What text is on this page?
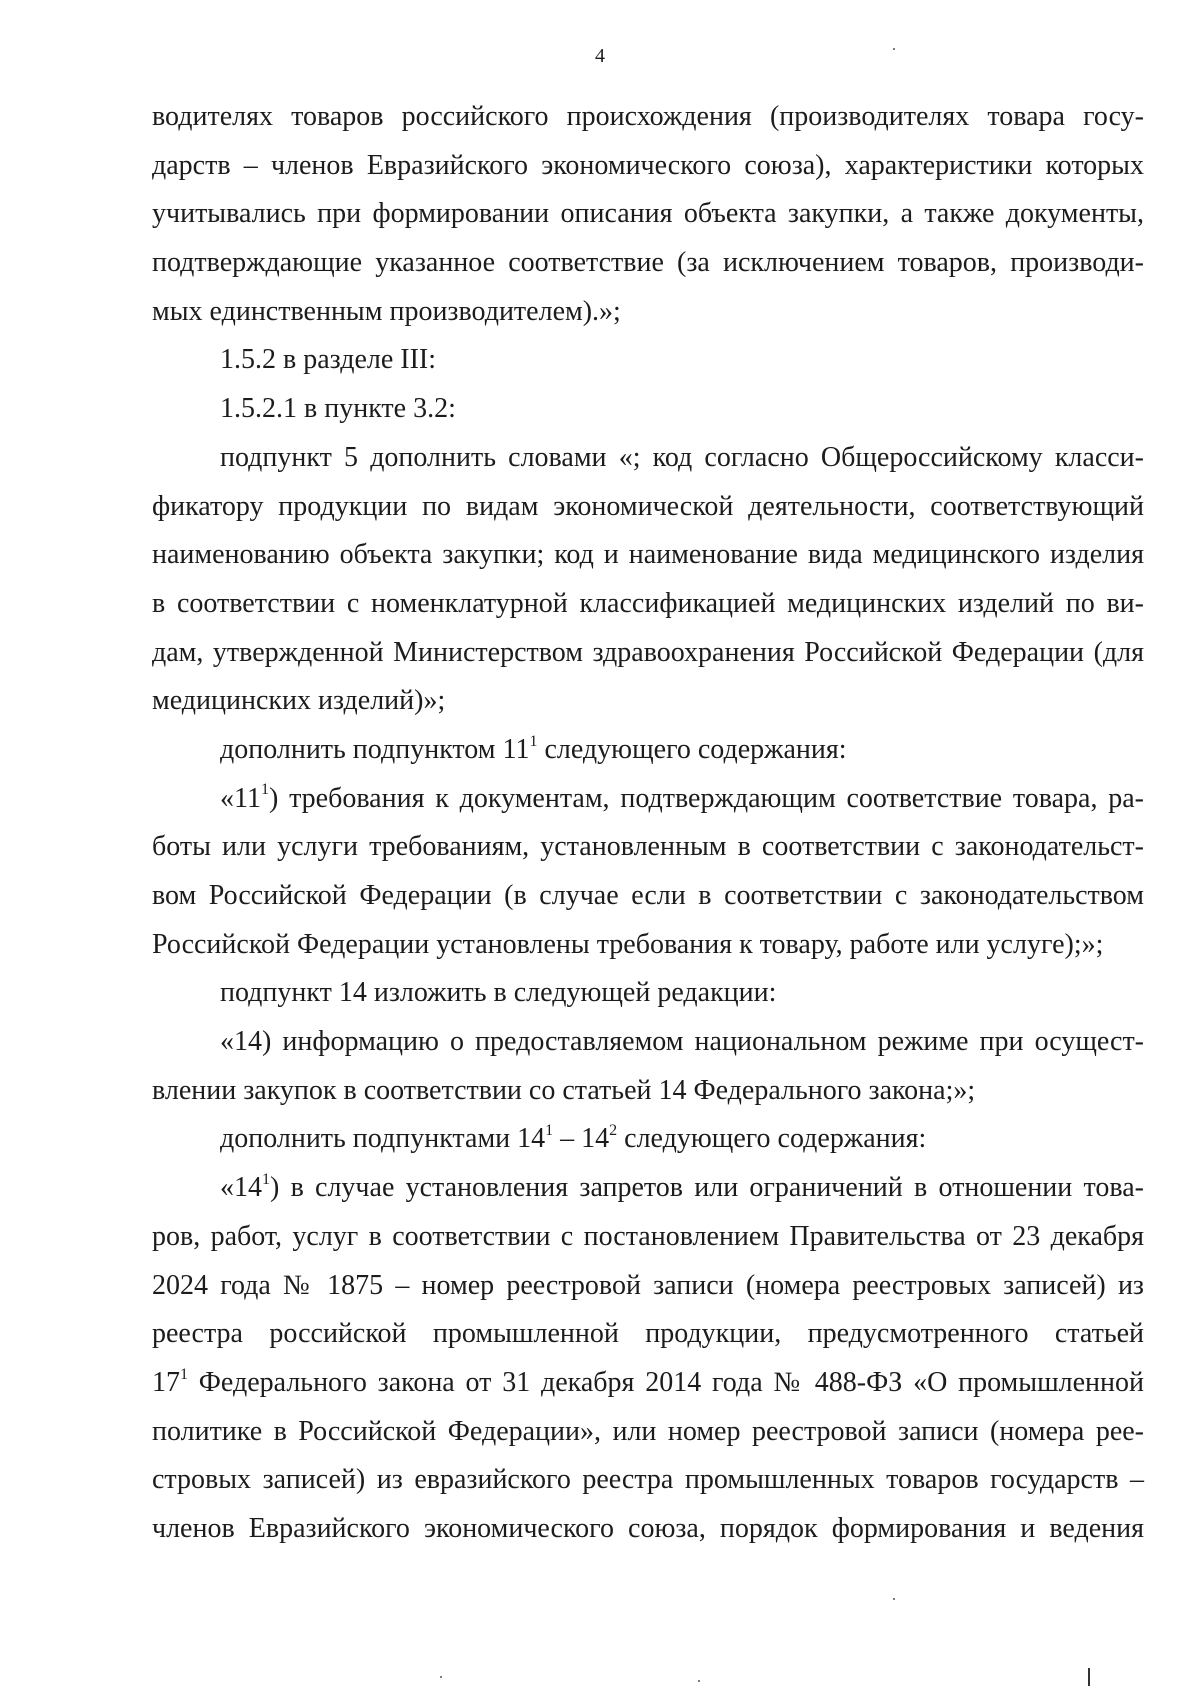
4
водителях товаров российского происхождения (производителях товара госу-
дарств – членов Евразийского экономического союза), характеристики которых
учитывались при формировании описания объекта закупки, а также документы,
подтверждающие указанное соответствие (за исключением товаров, производи-
мых единственным производителем).»;
1.5.2 в разделе III:
1.5.2.1 в пункте 3.2:
подпункт 5 дополнить словами «; код согласно Общероссийскому класси-
фикатору продукции по видам экономической деятельности, соответствующий
наименованию объекта закупки; код и наименование вида медицинского изделия
в соответствии с номенклатурной классификацией медицинских изделий по ви-
дам, утвержденной Министерством здравоохранения Российской Федерации (для
медицинских изделий)»;
дополнить подпунктом $11^1$ следующего содержания:
«$11^1$) требования к документам, подтверждающим соответствие товара, ра-
боты или услуги требованиям, установленным в соответствии с законодательст-
вом Российской Федерации (в случае если в соответствии с законодательством
Российской Федерации установлены требования к товару, работе или услуге);»;
подпункт 14 изложить в следующей редакции:
«14) информацию о предоставляемом национальном режиме при осущест-
влении закупок в соответствии со статьей 14 Федерального закона;»;
дополнить подпунктами $14^1 - 14^2$ следующего содержания:
«$14^1$) в случае установления запретов или ограничений в отношении това-
ров, работ, услуг в соответствии с постановлением Правительства от 23 декабря
2024 года № 1875 – номер реестровой записи (номера реестровых записей) из
реестра российской промышленной продукции, предусмотренного статьей
$17^1$ Федерального закона от 31 декабря 2014 года № 488-ФЗ «О промышленной
политике в Российской Федерации», или номер реестровой записи (номера рее-
стровых записей) из евразийского реестра промышленных товаров государств –
членов Евразийского экономического союза, порядок формирования и ведения
